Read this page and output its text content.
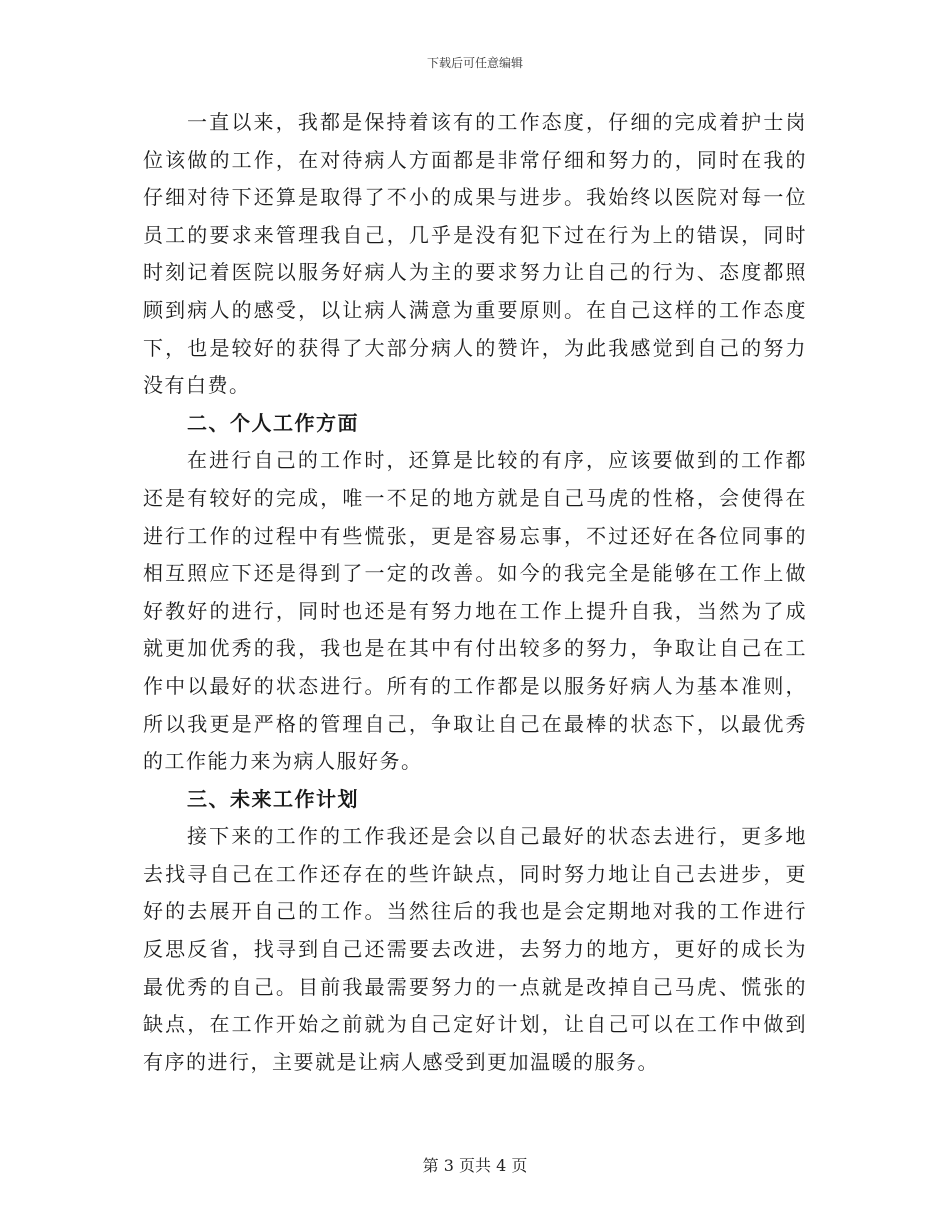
下载后可任意编辑

一直以来，我都是保持着该有的工作态度，仔细的完成着护士岗位该做的工作，在对待病人方面都是非常仔细和努力的，同时在我的仔细对待下还算是取得了不小的成果与进步。我始终以医院对每一位员工的要求来管理我自己，几乎是没有犯下过在行为上的错误，同时时刻记着医院以服务好病人为主的要求努力让自己的行为、态度都照顾到病人的感受，以让病人满意为重要原则。在自己这样的工作态度下，也是较好的获得了大部分病人的赞许，为此我感觉到自己的努力没有白费。

二、个人工作方面

在进行自己的工作时，还算是比较的有序，应该要做到的工作都还是有较好的完成，唯一不足的地方就是自己马虎的性格，会使得在进行工作的过程中有些慌张，更是容易忘事，不过还好在各位同事的相互照应下还是得到了一定的改善。如今的我完全是能够在工作上做好教好的进行，同时也还是有努力地在工作上提升自我，当然为了成就更加优秀的我，我也是在其中有付出较多的努力，争取让自己在工作中以最好的状态进行。所有的工作都是以服务好病人为基本准则，所以我更是严格的管理自己，争取让自己在最棒的状态下，以最优秀的工作能力来为病人服好务。

三、未来工作计划

接下来的工作的工作我还是会以自己最好的状态去进行，更多地去找寻自己在工作还存在的些许缺点，同时努力地让自己去进步，更好的去展开自己的工作。当然往后的我也是会定期地对我的工作进行反思反省，找寻到自己还需要去改进，去努力的地方，更好的成长为最优秀的自己。目前我最需要努力的一点就是改掉自己马虎、慌张的缺点，在工作开始之前就为自己定好计划，让自己可以在工作中做到有序的进行，主要就是让病人感受到更加温暖的服务。

第 3 页共 4 页
